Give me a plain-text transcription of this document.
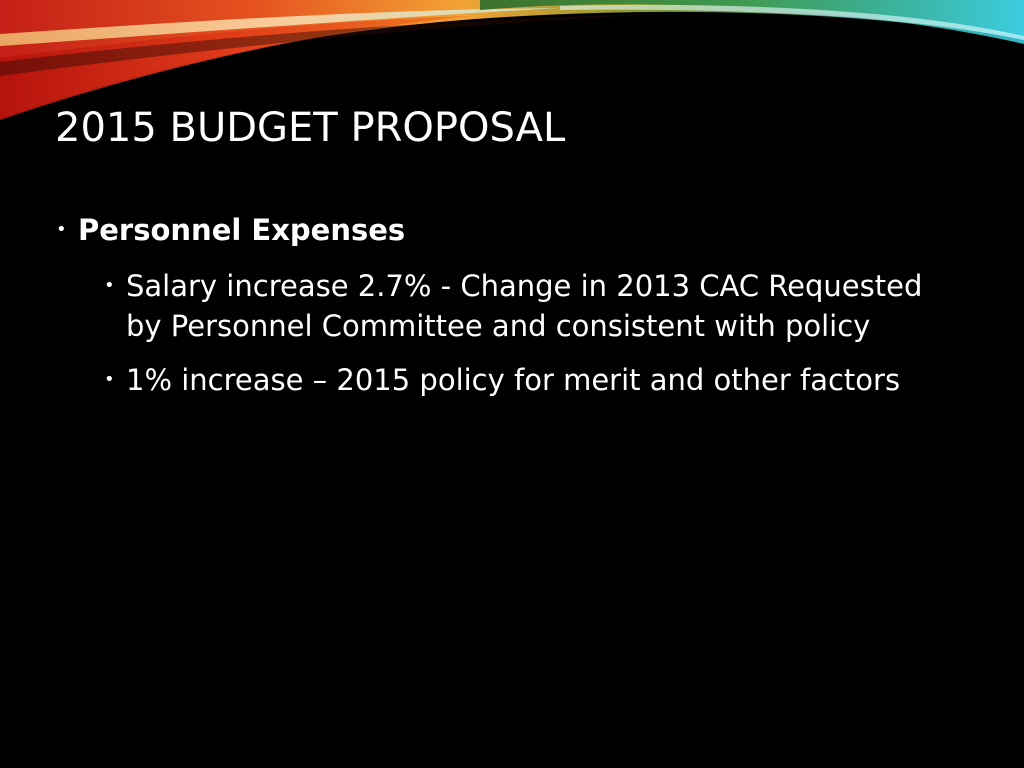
2015 BUDGET PROPOSAL
• Personnel Expenses
• Salary increase 2.7% - Change in 2013 CAC Requested by Personnel Committee and consistent with policy
• 1% increase – 2015 policy for merit and other factors
